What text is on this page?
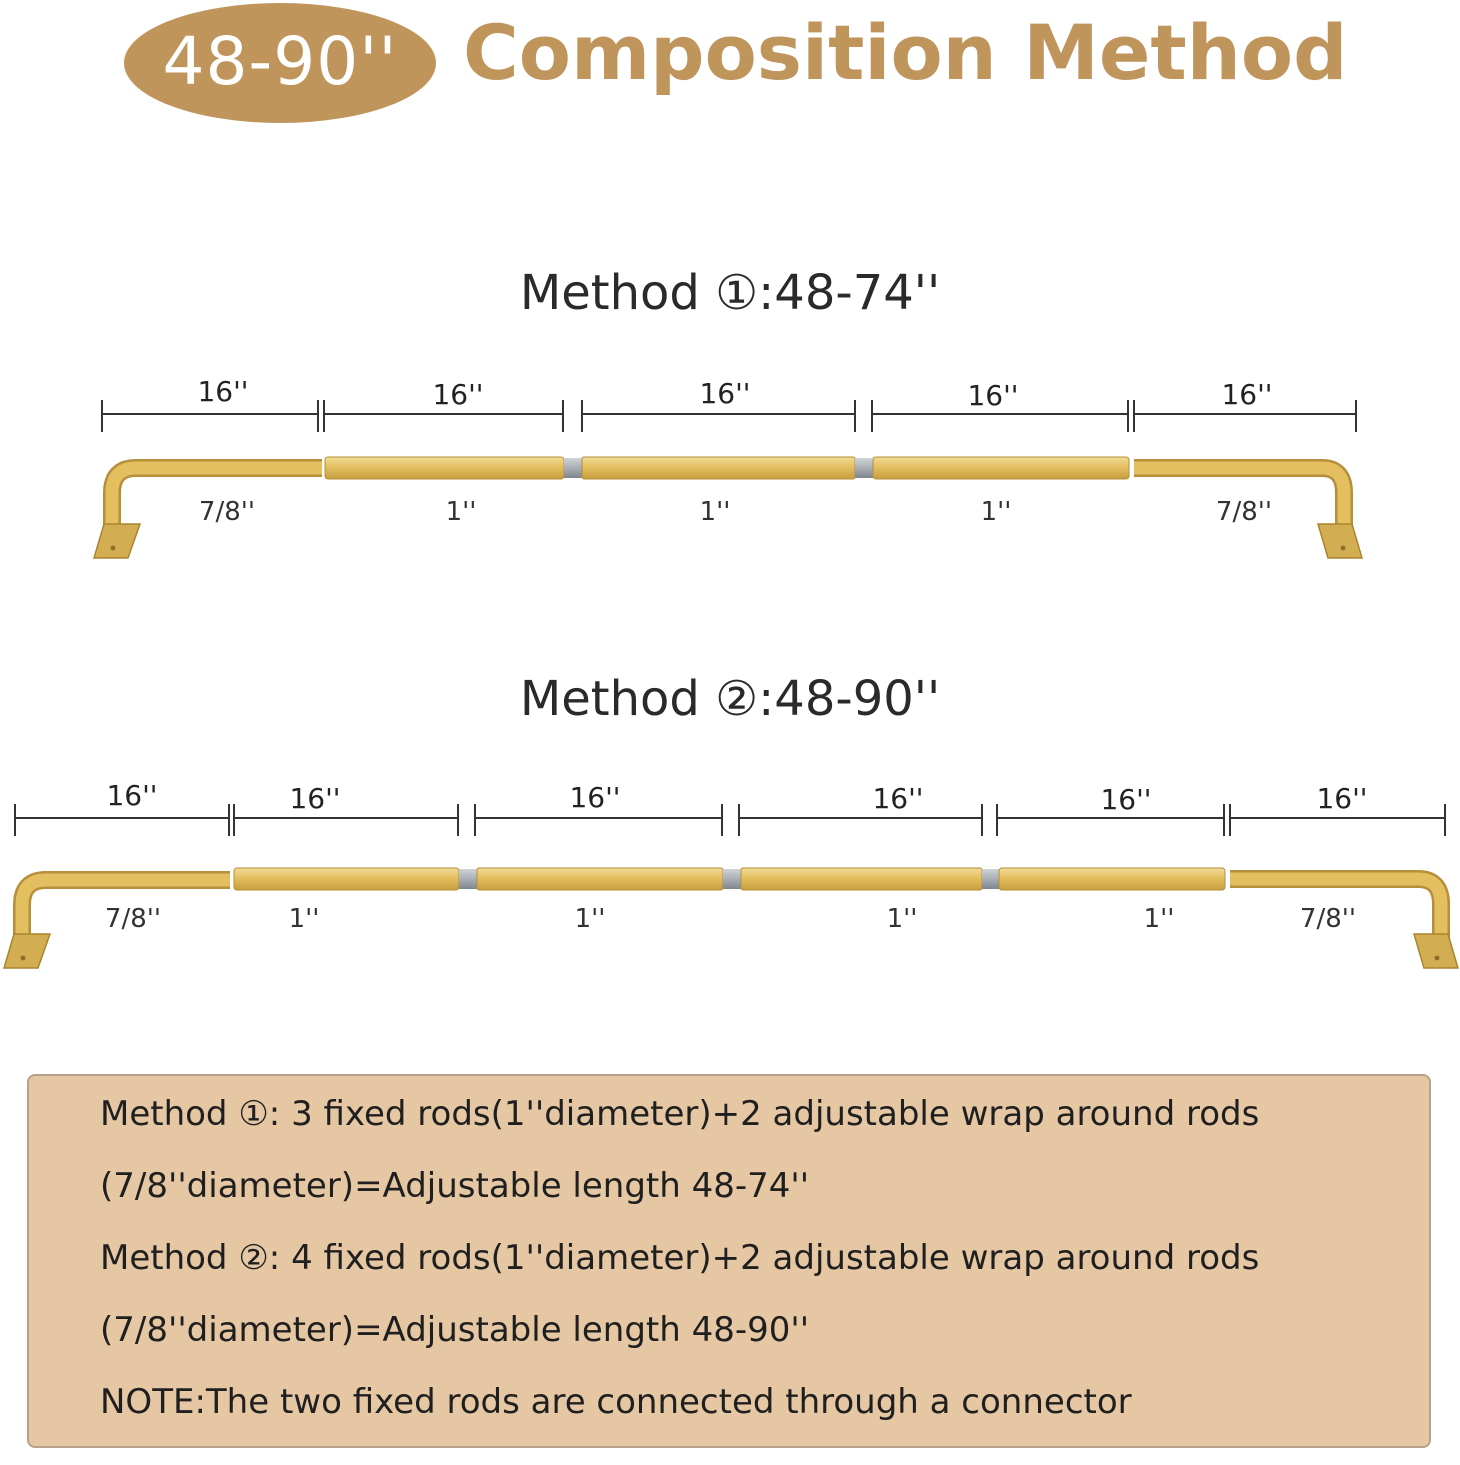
48-90'' Composition Method
Method ①:48-74''
Method ②:48-90''
16''	16''	16''	16''	16''
7/8''	1''	1''	1''	7/8''
16''	16''	16''	16''	16''	16''
7/8''	1''	1''	1''	1''	7/8''
Method ①: 3 fixed rods(1''diameter)+2 adjustable wrap around rods
(7/8''diameter)=Adjustable length 48-74''
Method ②: 4 fixed rods(1''diameter)+2 adjustable wrap around rods
(7/8''diameter)=Adjustable length 48-90''
NOTE:The two fixed rods are connected through a connector
